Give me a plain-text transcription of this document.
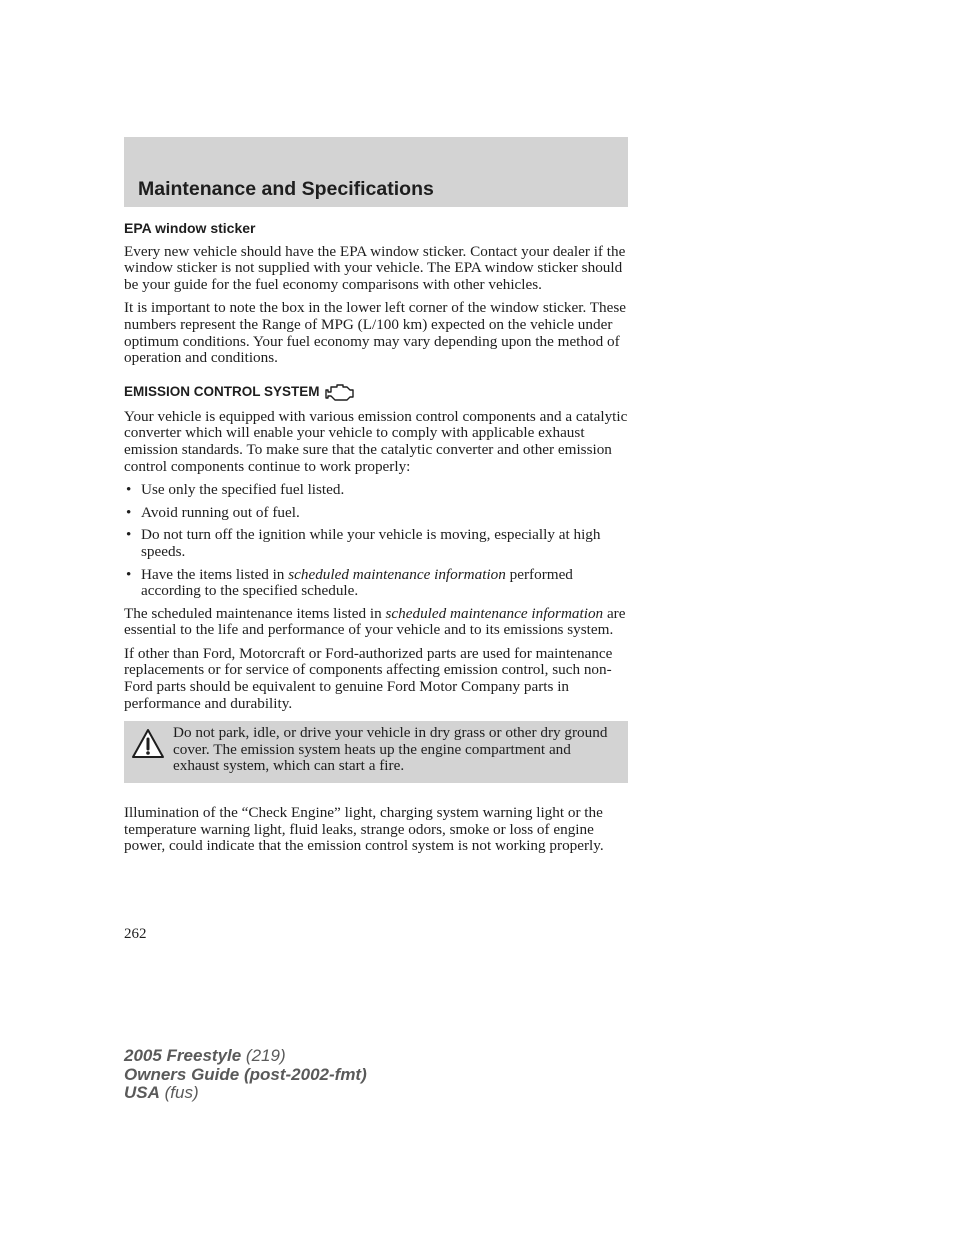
Maintenance and Specifications
EPA window sticker

Every new vehicle should have the EPA window sticker. Contact your dealer if the window sticker is not supplied with your vehicle. The EPA window sticker should be your guide for the fuel economy comparisons with other vehicles.

It is important to note the box in the lower left corner of the window sticker. These numbers represent the Range of MPG (L/100 km) expected on the vehicle under optimum conditions. Your fuel economy may vary depending upon the method of operation and conditions.

EMISSION CONTROL SYSTEM

Your vehicle is equipped with various emission control components and a catalytic converter which will enable your vehicle to comply with applicable exhaust emission standards. To make sure that the catalytic converter and other emission control components continue to work properly:

• Use only the specified fuel listed.
• Avoid running out of fuel.
• Do not turn off the ignition while your vehicle is moving, especially at high speeds.
• Have the items listed in scheduled maintenance information performed according to the specified schedule.

The scheduled maintenance items listed in scheduled maintenance information are essential to the life and performance of your vehicle and to its emissions system.

If other than Ford, Motorcraft or Ford-authorized parts are used for maintenance replacements or for service of components affecting emission control, such non-Ford parts should be equivalent to genuine Ford Motor Company parts in performance and durability.

Do not park, idle, or drive your vehicle in dry grass or other dry ground cover. The emission system heats up the engine compartment and exhaust system, which can start a fire.

Illumination of the “Check Engine” light, charging system warning light or the temperature warning light, fluid leaks, strange odors, smoke or loss of engine power, could indicate that the emission control system is not working properly.

262
2005 Freestyle (219)
Owners Guide (post-2002-fmt)
USA (fus)
